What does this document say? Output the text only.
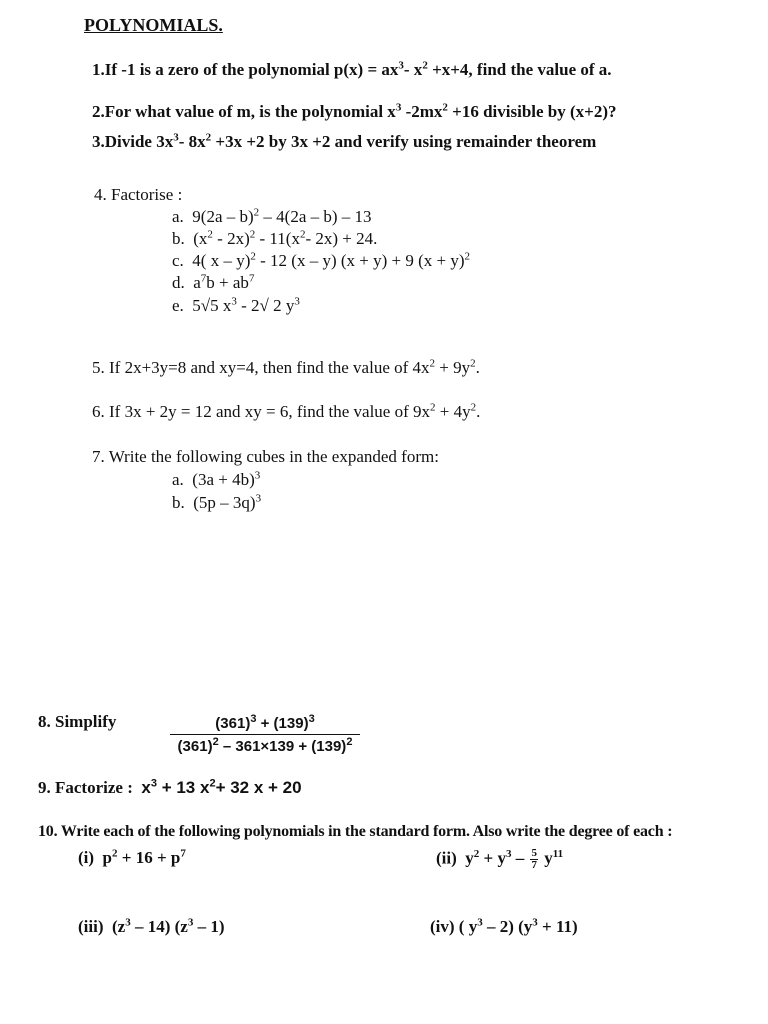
POLYNOMIALS.
1.If -1 is a zero of the polynomial $p(x) = ax^3-$ $x^2 +x+4$, find the value of a.
2.For what value of m, is the polynomial $x^3$ $-2mx^2 +16$ divisible by (x+2)?
3.Divide $3x^3-$ $8x^2 +3x +2$ by 3x +2 and verify using remainder theorem
4. Factorise :
a. 9(2a – b)$^2$ – 4(2a – b) – 13
b. $(x^2 - 2x)^2 - 11(x^2-$ 2x) + 24.
c. 4( x – y)$^2$ - 12 (x – y) (x + y) + 9 $(x + y)^2$
d. $a^7b + ab^7$
e. 5√5 $x^3 - 2√$ 2 $y^3$
5. If 2x+3y=8 and xy=4, then find the value of $4x^2 + 9y^2$.
6. If 3x + 2y = 12 and xy = 6, find the value of $9x^2 + 4y^2$.
7. Write the following cubes in the expanded form:
a. $(3a + 4b)^3$
b. (5p – 3q)$^3$
8. Simplify	$\frac{(361)^3 + (139)^3}{(361)^2 - 361\times 139 + (139)^2}$
9. Factorize : $x^3 + 13$ $x^2+ 32$ x + 20
10. Write each of the following polynomials in the standard form. Also write the degree of each :
(i) $p^2 + 16 + p^7$	(ii) $y^2 + y^3 - \frac{5}{7} y^{11}$
(iii) $(z^3 - 14)$ $(z^3 - 1)$	(iv) ( $y^3 - 2$) $(y^3 + 11)$
